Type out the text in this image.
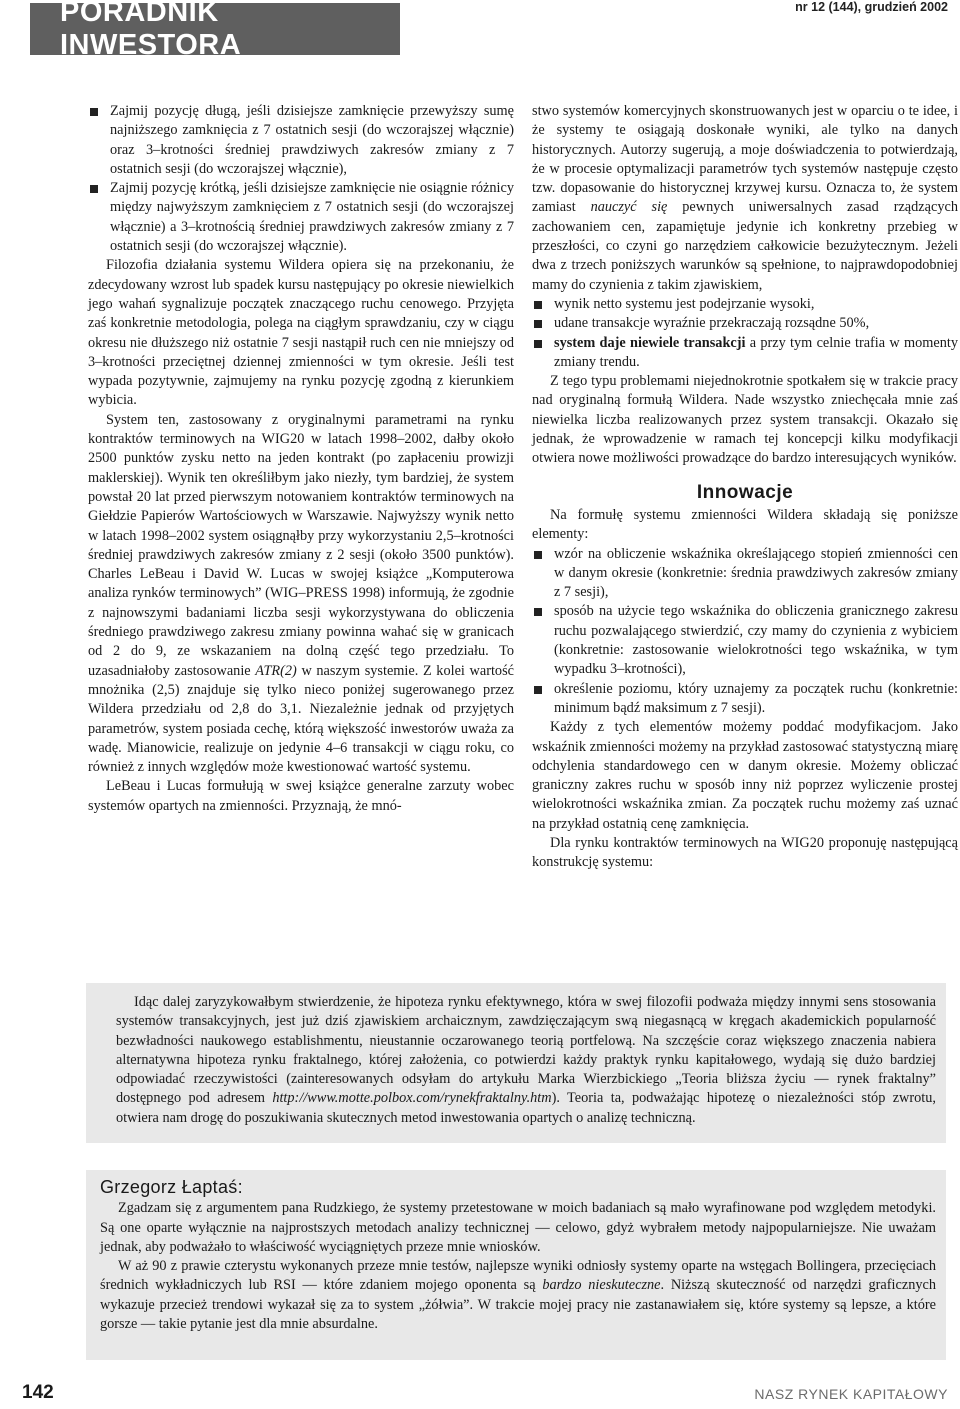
PORADNIK INWESTORA
nr 12 (144), grudzień 2002
Zajmij pozycję długą, jeśli dzisiejsze zamknięcie przewyższy sumę najniższego zamknięcia z 7 ostatnich sesji (do wczorajszej włącznie) oraz 3–krotności średniej prawdziwych zakresów zmiany z 7 ostatnich sesji (do wczorajszej włącznie),
Zajmij pozycję krótką, jeśli dzisiejsze zamknięcie nie osiągnie różnicy między najwyższym zamknięciem z 7 ostatnich sesji (do wczorajszej włącznie) a 3–krotnością średniej prawdziwych zakresów zmiany z 7 ostatnich sesji (do wczorajszej włącznie).

Filozofia działania systemu Wildera opiera się na przekonaniu, że zdecydowany wzrost lub spadek kursu następujący po okresie niewielkich jego wahań sygnalizuje początek znaczącego ruchu cenowego. Przyjęta zaś konkretnie metodologia, polega na ciągłym sprawdzaniu, czy w ciągu okresu nie dłuższego niż ostatnie 7 sesji nastąpił ruch cen nie mniejszy od 3–krotności przeciętnej dziennej zmienności w tym okresie. Jeśli test wypada pozytywnie, zajmujemy na rynku pozycję zgodną z kierunkiem wybicia.

System ten, zastosowany z oryginalnymi parametrami na rynku kontraktów terminowych na WIG20 w latach 1998–2002, dałby około 2500 punktów zysku netto na jeden kontrakt (po zapłaceniu prowizji maklerskiej). Wynik ten określiłbym jako niezły, tym bardziej, że system powstał 20 lat przed pierwszym notowaniem kontraktów terminowych na Giełdzie Papierów Wartościowych w Warszawie. Najwyższy wynik netto w latach 1998–2002 system osiągnąłby przy wykorzystaniu 2,5–krotności średniej prawdziwych zakresów zmiany z 2 sesji (około 3500 punktów). Charles LeBeau i David W. Lucas w swojej książce „Komputerowa analiza rynków terminowych” (WIG–PRESS 1998) informują, że zgodnie z najnowszymi badaniami liczba sesji wykorzystywana do obliczenia średniego prawdziwego zakresu zmiany powinna wahać się w granicach od 2 do 9, ze wskazaniem na dolną część tego przedziału. To uzasadniałoby zastosowanie ATR(2) w naszym systemie. Z kolei wartość mnożnika (2,5) znajduje się tylko nieco poniżej sugerowanego przez Wildera przedziału od 2,8 do 3,1. Niezależnie jednak od przyjętych parametrów, system posiada cechę, którą większość inwestorów uważa za wadę. Mianowicie, realizuje on jedynie 4–6 transakcji w ciągu roku, co również z innych względów może kwestionować wartość systemu.

LeBeau i Lucas formułują w swej książce generalne zarzuty wobec systemów opartych na zmienności. Przyznają, że mnó-

stwo systemów komercyjnych skonstruowanych jest w oparciu o te idee, i że systemy te osiągają doskonałe wyniki, ale tylko na danych historycznych. Autorzy sugerują, a moje doświadczenia to potwierdzają, że w procesie optymalizacji parametrów tych systemów następuje często tzw. dopasowanie do historycznej krzywej kursu. Oznacza to, że system zamiast nauczyć się pewnych uniwersalnych zasad rządzących zachowaniem cen, zapamiętuje jedynie ich konkretny przebieg w przeszłości, co czyni go narzędziem całkowicie bezużytecznym. Jeżeli dwa z trzech poniższych warunków są spełnione, to najprawdopodobniej mamy do czynienia z takim zjawiskiem,

wynik netto systemu jest podejrzanie wysoki,
udane transakcje wyraźnie przekraczają rozsądne 50%,
system daje niewiele transakcji a przy tym celnie trafia w momenty zmiany trendu.

Z tego typu problemami niejednokrotnie spotkałem się w trakcie pracy nad oryginalną formułą Wildera. Nade wszystko zniechęcała mnie zaś niewielka liczba realizowanych przez system transakcji. Okazało się jednak, że wprowadzenie w ramach tej koncepcji kilku modyfikacji otwiera nowe możliwości prowadzące do bardzo interesujących wyników.

Innowacje

Na formułę systemu zmienności Wildera składają się poniższe elementy:

wzór na obliczenie wskaźnika określającego stopień zmienności cen w danym okresie (konkretnie: średnia prawdziwych zakresów zmiany z 7 sesji),
sposób na użycie tego wskaźnika do obliczenia granicznego zakresu ruchu pozwalającego stwierdzić, czy mamy do czynienia z wybiciem (konkretnie: zastosowanie wielokrotności tego wskaźnika, w tym wypadku 3–krotności),
określenie poziomu, który uznajemy za początek ruchu (konkretnie: minimum bądź maksimum z 7 sesji).

Każdy z tych elementów możemy poddać modyfikacjom. Jako wskaźnik zmienności możemy na przykład zastosować statystyczną miarę odchylenia standardowego cen w danym okresie. Możemy obliczać graniczny zakres ruchu w sposób inny niż poprzez wyliczenie prostej wielokrotności wskaźnika zmian. Za początek ruchu możemy zaś uznać na przykład ostatnią cenę zamknięcia.

Dla rynku kontraktów terminowych na WIG20 proponuję następującą konstrukcję systemu:

Idąc dalej zaryzykowałbym stwierdzenie, że hipoteza rynku efektywnego, która w swej filozofii podważa między innymi sens stosowania systemów transakcyjnych, jest już dziś zjawiskiem archaicznym, zawdzięczającym swą niegasnącą w kręgach akademickich popularność bezwładności naukowego establishmentu, nieustannie oczarowanego teorią portfelową. Na szczęście coraz większego znaczenia nabiera alternatywna hipoteza rynku fraktalnego, której założenia, co potwierdzi każdy praktyk rynku kapitałowego, wydają się dużo bardziej odpowiadać rzeczywistości (zainteresowanych odsyłam do artykułu Marka Wierzbickiego „Teoria bliższa życiu — rynek fraktalny” dostępnego pod adresem http://www.motte.polbox.com/rynekfraktalny.htm). Teoria ta, podważając hipotezę o niezależności stóp zwrotu, otwiera nam drogę do poszukiwania skutecznych metod inwestowania opartych o analizę techniczną.

Grzegorz Łaptaś:

Zgadzam się z argumentem pana Rudzkiego, że systemy przetestowane w moich badaniach są mało wyrafinowane pod względem metodyki. Są one oparte wyłącznie na najprostszych metodach analizy technicznej — celowo, gdyż wybrałem metody najpopularniejsze. Nie uważam jednak, aby podważało to właściwość wyciągniętych przeze mnie wniosków.

W aż 90 z prawie czterystu wykonanych przeze mnie testów, najlepsze wyniki odniosły systemy oparte na wstęgach Bollingera, przecięciach średnich wykładniczych lub RSI — które zdaniem mojego oponenta są bardzo nieskuteczne. Niższą skuteczność od narzędzi graficznych wykazuje przecież trendowi wykazał się za to system „żółwia”. W trakcie mojej pracy nie zastanawiałem się, które systemy są lepsze, a które gorsze — takie pytanie jest dla mnie absurdalne.

142	NASZ RYNEK KAPITAŁOWY
